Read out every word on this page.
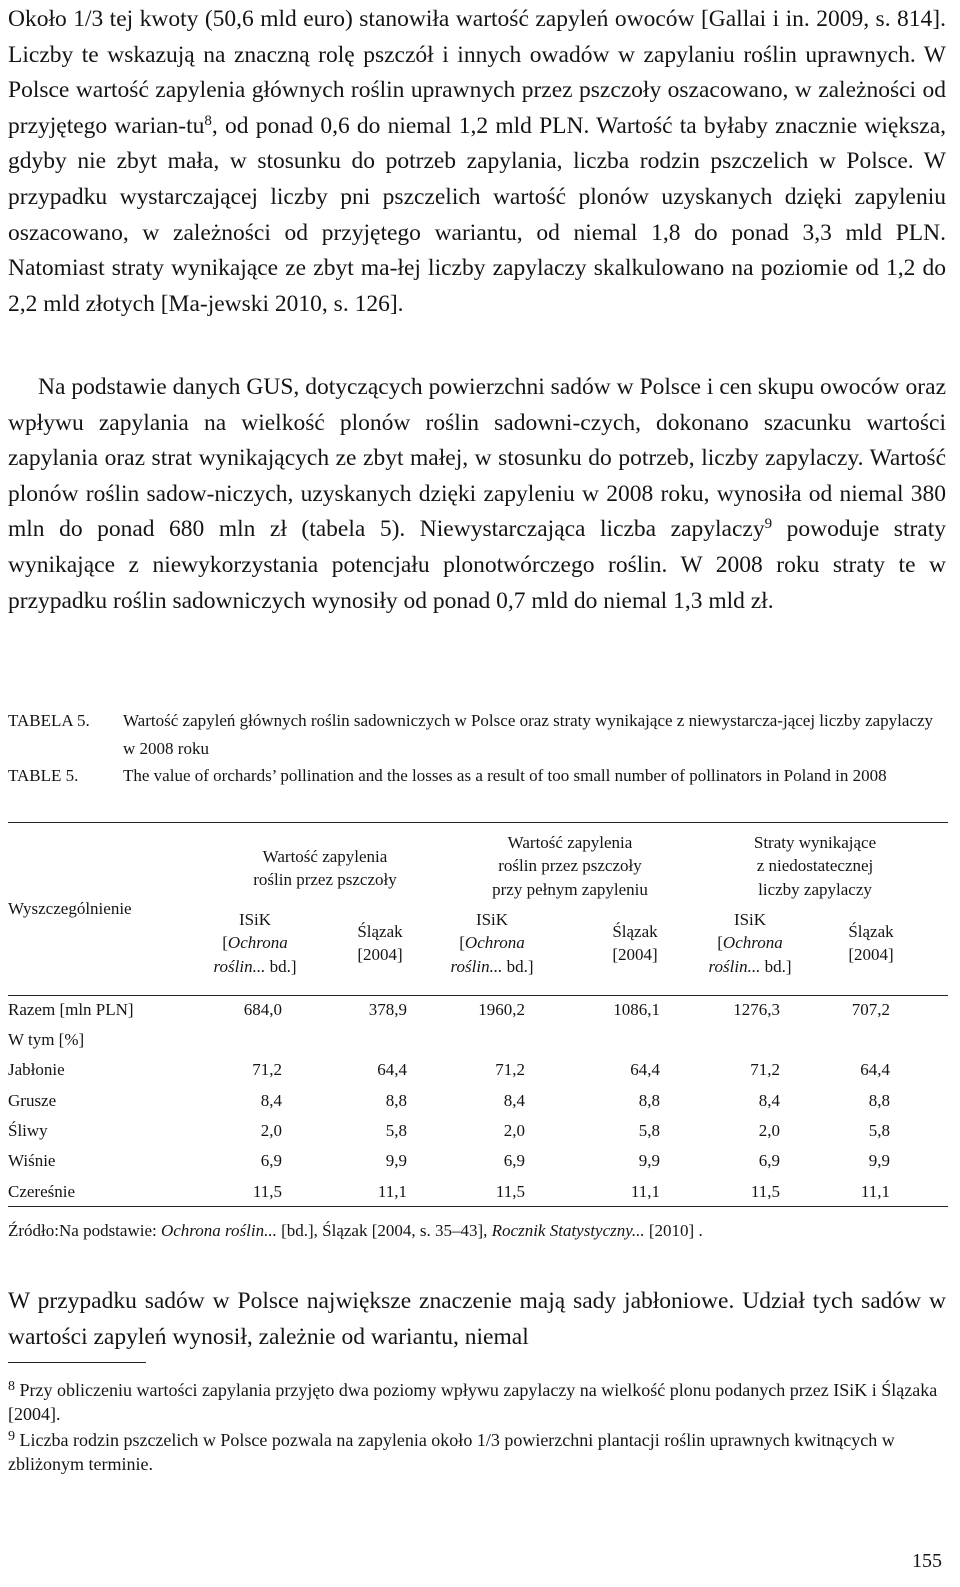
Około 1/3 tej kwoty (50,6 mld euro) stanowiła wartość zapyleń owoców [Gallai i in. 2009, s. 814]. Liczby te wskazują na znaczną rolę pszczół i innych owadów w zapylaniu roślin uprawnych. W Polsce wartość zapylenia głównych roślin uprawnych przez pszczoły oszacowano, w zależności od przyjętego warian-$tu^8$, od ponad 0,6 do niemal 1,2 mld PLN. Wartość ta byłaby znacznie większa, gdyby nie zbyt mała, w stosunku do potrzeb zapylania, liczba rodzin pszczelich w Polsce. W przypadku wystarczającej liczby pni pszczelich wartość plonów uzyskanych dzięki zapyleniu oszacowano, w zależności od przyjętego wariantu, od niemal 1,8 do ponad 3,3 mld PLN. Natomiast straty wynikające ze zbyt ma-łej liczby zapylaczy skalkulowano na poziomie od 1,2 do 2,2 mld złotych [Ma-jewski 2010, s. 126].

Na podstawie danych GUS, dotyczących powierzchni sadów w Polsce i cen skupu owoców oraz wpływu zapylania na wielkość plonów roślin sadowni-czych, dokonano szacunku wartości zapylania oraz strat wynikających ze zbyt małej, w stosunku do potrzeb, liczby zapylaczy. Wartość plonów roślin sadow-niczych, uzyskanych dzięki zapyleniu w 2008 roku, wynosiła od niemal 380 mln do ponad 680 mln zł (tabela 5). Niewystarczająca liczba zapylaczy$^9$ powoduje straty wynikające z niewykorzystania potencjału plonotwórczego roślin. W 2008 roku straty te w przypadku roślin sadowniczych wynosiły od ponad 0,7 mld do niemal 1,3 mld zł.

TABELA 5. Wartość zapyleń głównych roślin sadowniczych w Polsce oraz straty wynikające z niewystarcza-jącej liczby zapylaczy w 2008 roku
TABLE 5.	The value of orchards’ pollination and the losses as a result of too small number of pollinators in Poland in 2008
Wyszczególnienie
Wartość zapylenia
roślin przez pszczoły
Wartość zapylenia
roślin przez pszczoły
przy pełnym zapyleniu
Straty wynikające
z niedostatecznej
liczby zapylaczy
ISiK
[Ochrona
roślin... bd.]
Ślązak
[2004]
ISiK
[Ochrona
roślin... bd.]
Ślązak
[2004]
ISiK
[Ochrona
roślin... bd.]
Ślązak
[2004]
Razem [mln PLN]	684,0	378,9	1960,2	1086,1	1276,3	707,2
W tym [%]
Jabłonie	71,2	64,4	71,2	64,4	71,2	64,4
Grusze	8,4	8,8	8,4	8,8	8,4	8,8
Śliwy	2,0	5,8	2,0	5,8	2,0	5,8
Wiśnie	6,9	9,9	6,9	9,9	6,9	9,9
Czereśnie	11,5	11,1	11,5	11,1	11,5	11,1
Źródło:Na podstawie: Ochrona roślin... [bd.], Ślązak [2004, s. 35–43], Rocznik Statystyczny... [2010] .

W przypadku sadów w Polsce największe znaczenie mają sady jabłoniowe. Udział tych sadów w wartości zapyleń wynosił, zależnie od wariantu, niemal

$^8$ Przy obliczeniu wartości zapylania przyjęto dwa poziomy wpływu zapylaczy na wielkość plonu podanych przez ISiK i Ślązaka [2004].

$^9$ Liczba rodzin pszczelich w Polsce pozwala na zapylenia około 1/3 powierzchni plantacji roślin uprawnych kwitnących w zbliżonym terminie.

155
